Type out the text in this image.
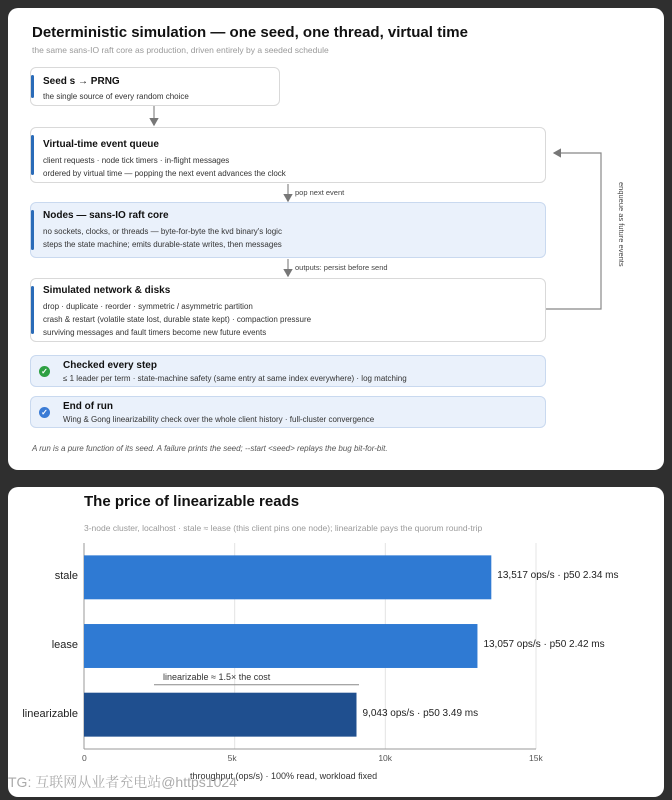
Deterministic simulation — one seed, one thread, virtual time
the same sans-IO raft core as production, driven entirely by a seeded schedule
pop next event
outputs: persist before send
enqueue as future events
Seed s → PRNG
the single source of every random choice
Virtual-time event queue
client requests · node tick timers · in-flight messages
ordered by virtual time — popping the next event advances the clock
Nodes — sans-IO raft core
no sockets, clocks, or threads — byte-for-byte the kvd binary's logic
steps the state machine; emits durable-state writes, then messages
Simulated network & disks
drop · duplicate · reorder · symmetric / asymmetric partition
crash & restart (volatile state lost, durable state kept) · compaction pressure
surviving messages and fault timers become new future events
✓
Checked every step
≤ 1 leader per term · state-machine safety (same entry at same index everywhere) · log matching
✓
End of run
Wing & Gong linearizability check over the whole client history · full-cluster convergence
A run is a pure function of its seed. A failure prints the seed; --start <seed> replays the bug bit-for-bit.
The price of linearizable reads
3-node cluster, localhost · stale ≈ lease (this client pins one node); linearizable pays the quorum round-trip
stale	13,517 ops/s · p50 2.34 ms
lease	13,057 ops/s · p50 2.42 ms
linearizable	9,043 ops/s · p50 3.49 ms
0	5k	10k	15k
throughput (ops/s) · 100% read, workload fixed
linearizable ≈ 1.5× the cost
TG: 互联网从业者充电站@https1024
